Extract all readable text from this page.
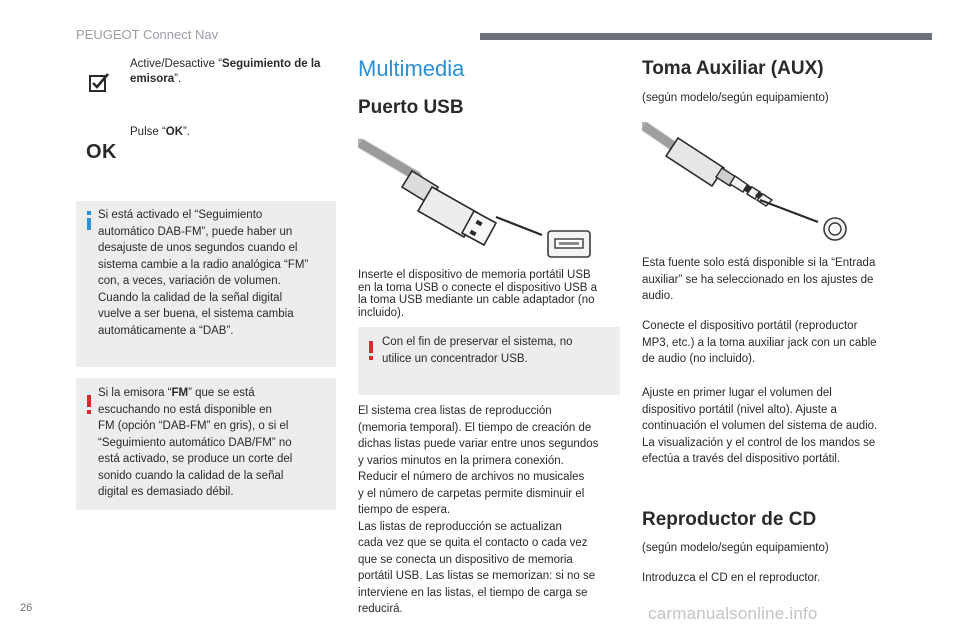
PEUGEOT Connect Nav
Active/Desactive “Seguimiento de la emisora”.
OK
Pulse “OK”.
Si está activado el “Seguimiento
automático DAB-FM”, puede haber un
desajuste de unos segundos cuando el
sistema cambie a la radio analógica “FM”
con, a veces, variación de volumen.
Cuando la calidad de la señal digital
vuelve a ser buena, el sistema cambia
automáticamente a “DAB”.
Si la emisora “FM” que se está
escuchando no está disponible en
FM (opción “DAB-FM” en gris), o si el
“Seguimiento automático DAB/FM” no
está activado, se produce un corte del
sonido cuando la calidad de la señal
digital es demasiado débil.
Multimedia
Puerto USB
Inserte el dispositivo de memoria portátil USB
en la toma USB o conecte el dispositivo USB a
la toma USB mediante un cable adaptador (no
incluido).
Con el fin de preservar el sistema, no
utilice un concentrador USB.
El sistema crea listas de reproducción
(memoria temporal). El tiempo de creación de
dichas listas puede variar entre unos segundos
y varios minutos en la primera conexión.
Reducir el número de archivos no musicales
y el número de carpetas permite disminuir el
tiempo de espera.
Las listas de reproducción se actualizan
cada vez que se quita el contacto o cada vez
que se conecta un dispositivo de memoria
portátil USB. Las listas se memorizan: si no se
interviene en las listas, el tiempo de carga se
reducirá.
Toma Auxiliar (AUX)
(según modelo/según equipamiento)
Esta fuente solo está disponible si la “Entrada
auxiliar” se ha seleccionado en los ajustes de
audio.
Conecte el dispositivo portátil (reproductor
MP3, etc.) a la toma auxiliar jack con un cable
de audio (no incluido).
Ajuste en primer lugar el volumen del
dispositivo portátil (nivel alto). Ajuste a
continuación el volumen del sistema de audio.
La visualización y el control de los mandos se
efectúa a través del dispositivo portátil.
Reproductor de CD
(según modelo/según equipamiento)
Introduzca el CD en el reproductor.
26	carmanualsonline.info
